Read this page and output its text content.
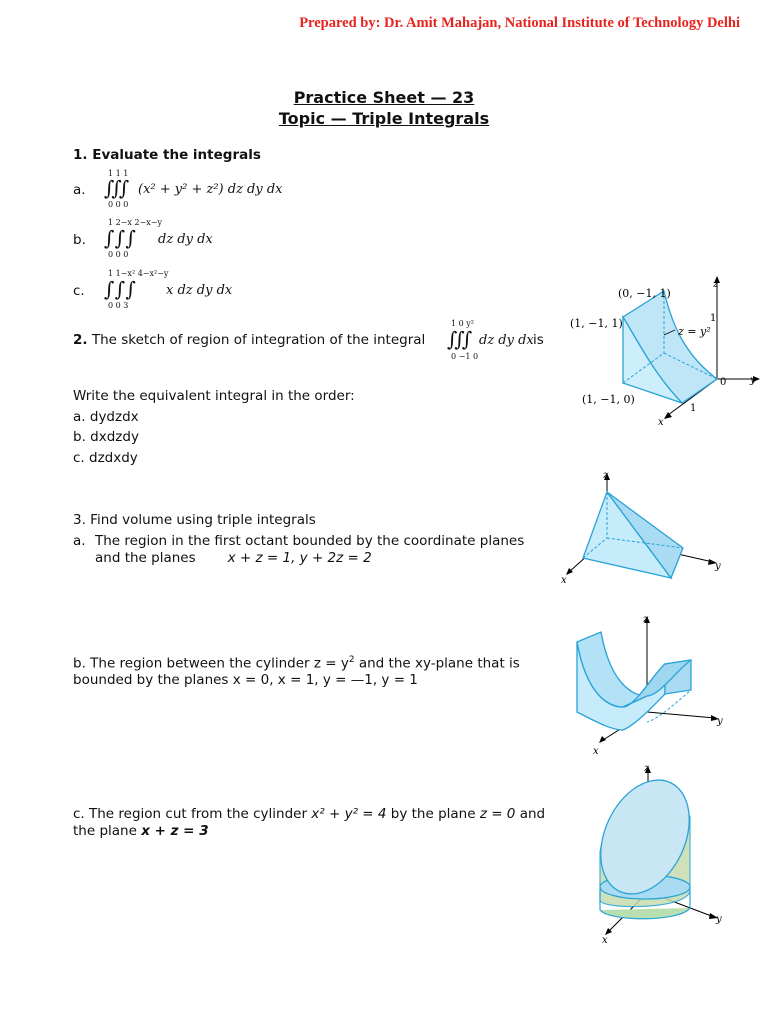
Prepared by: Dr. Amit Mahajan, National Institute of Technology Delhi
Practice Sheet — 23
Topic — Triple Integrals
1. Evaluate the integrals
a.
1 1 1
∫∫∫
0 0 0
(x² + y² + z²) dz dy dx
b.
1 2−x 2−x−y
∫ ∫ ∫
0 0 0
dz dy dx
c.
1 1−x² 4−x²−y
∫ ∫ ∫
0 0 3
x dz dy dx
2. The sketch of region of integration of the integral
1 0 y²
∫∫∫
0 −1 0
dz dy dx is
Write the equivalent integral in the order:
a. dydzdx
b. dxdzdy
c. dzdxdy
(0, −1, 1)
(1, −1, 1)
(1, −1, 0)
z = y²
z
y
x
1
0
1
3. Find volume using triple integrals
a. The region in the first octant bounded by the coordinate planes
and the planes x + z = 1, y + 2z = 2
z
y
x
b. The region between the cylinder $z = y^2$ and the xy-plane that is
bounded by the planes x = 0, x = 1, y = —1, y = 1
z
y
x
c. The region cut from the cylinder x² + y² = 4 by the plane z = 0 and
the plane x + z = 3
z
y
x
